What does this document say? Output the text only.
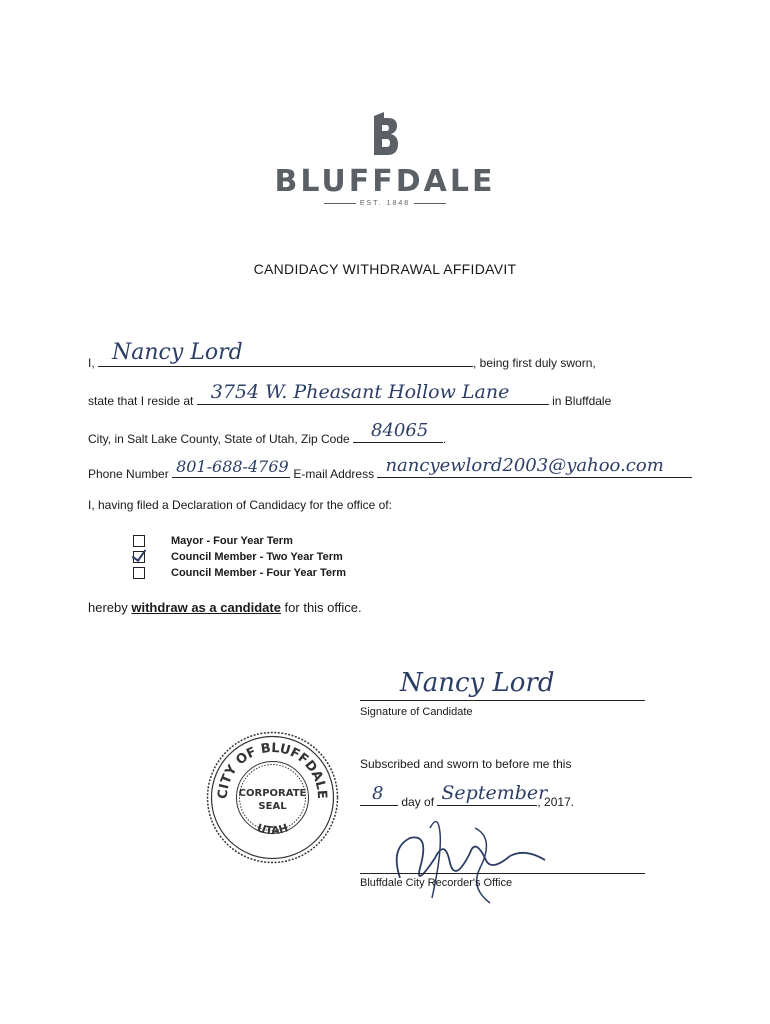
BLUFFDALE
EST. 1848
CANDIDACY WITHDRAWAL AFFIDAVIT
I, Nancy Lord	, being first duly sworn,
state that I reside at 3754 W. Pheasant Hollow Lane	in Bluffdale
City, in Salt Lake County, State of Utah, Zip Code 84065 .
Phone Number 801-688-4769 E-mail Address nancyewlord2003@yahoo.com
I, having filed a Declaration of Candidacy for the office of:
Mayor - Four Year Term
Council Member - Two Year Term
Council Member - Four Year Term
hereby withdraw as a candidate for this office.
Nancy Lord
Signature of Candidate
Subscribed and sworn to before me this
8 day of September
, 2017.
Bluffdale City Recorder's Office
CITY OF BLUFFDALE
UTAH
CORPORATE
SEAL
